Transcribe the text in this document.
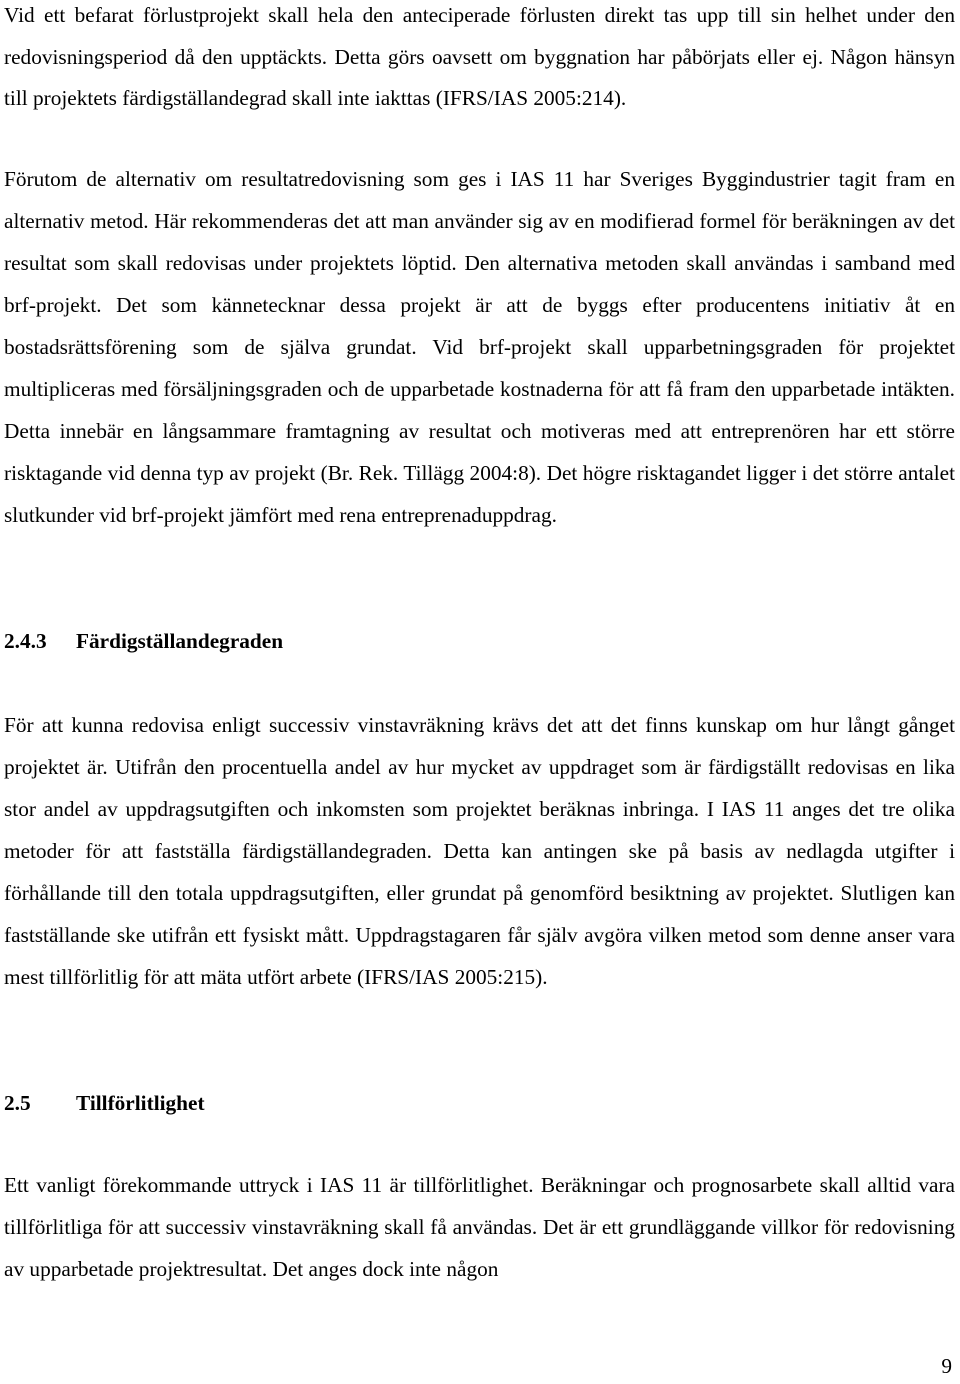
Vid ett befarat förlustprojekt skall hela den anteciperade förlusten direkt tas upp till sin helhet under den redovisningsperiod då den upptäckts. Detta görs oavsett om byggnation har påbörjats eller ej. Någon hänsyn till projektets färdigställandegrad skall inte iakttas (IFRS/IAS 2005:214).

Förutom de alternativ om resultatredovisning som ges i IAS 11 har Sveriges Byggindustrier tagit fram en alternativ metod. Här rekommenderas det att man använder sig av en modifierad formel för beräkningen av det resultat som skall redovisas under projektets löptid. Den alternativa metoden skall användas i samband med brf-projekt. Det som kännetecknar dessa projekt är att de byggs efter producentens initiativ åt en bostadsrättsförening som de själva grundat. Vid brf-projekt skall upparbetningsgraden för projektet multipliceras med försäljningsgraden och de upparbetade kostnaderna för att få fram den upparbetade intäkten. Detta innebär en långsammare framtagning av resultat och motiveras med att entreprenören har ett större risktagande vid denna typ av projekt (Br. Rek. Tillägg 2004:8). Det högre risktagandet ligger i det större antalet slutkunder vid brf-projekt jämfört med rena entreprenaduppdrag.

2.4.3 Färdigställandegraden

För att kunna redovisa enligt successiv vinstavräkning krävs det att det finns kunskap om hur långt gånget projektet är. Utifrån den procentuella andel av hur mycket av uppdraget som är färdigställt redovisas en lika stor andel av uppdragsutgiften och inkomsten som projektet beräknas inbringa. I IAS 11 anges det tre olika metoder för att fastställa färdigställandegraden. Detta kan antingen ske på basis av nedlagda utgifter i förhållande till den totala uppdragsutgiften, eller grundat på genomförd besiktning av projektet. Slutligen kan fastställande ske utifrån ett fysiskt mått. Uppdragstagaren får själv avgöra vilken metod som denne anser vara mest tillförlitlig för att mäta utfört arbete (IFRS/IAS 2005:215).

2.5 Tillförlitlighet

Ett vanligt förekommande uttryck i IAS 11 är tillförlitlighet. Beräkningar och prognosarbete skall alltid vara tillförlitliga för att successiv vinstavräkning skall få användas. Det är ett grundläggande villkor för redovisning av upparbetade projektresultat. Det anges dock inte någon

9
